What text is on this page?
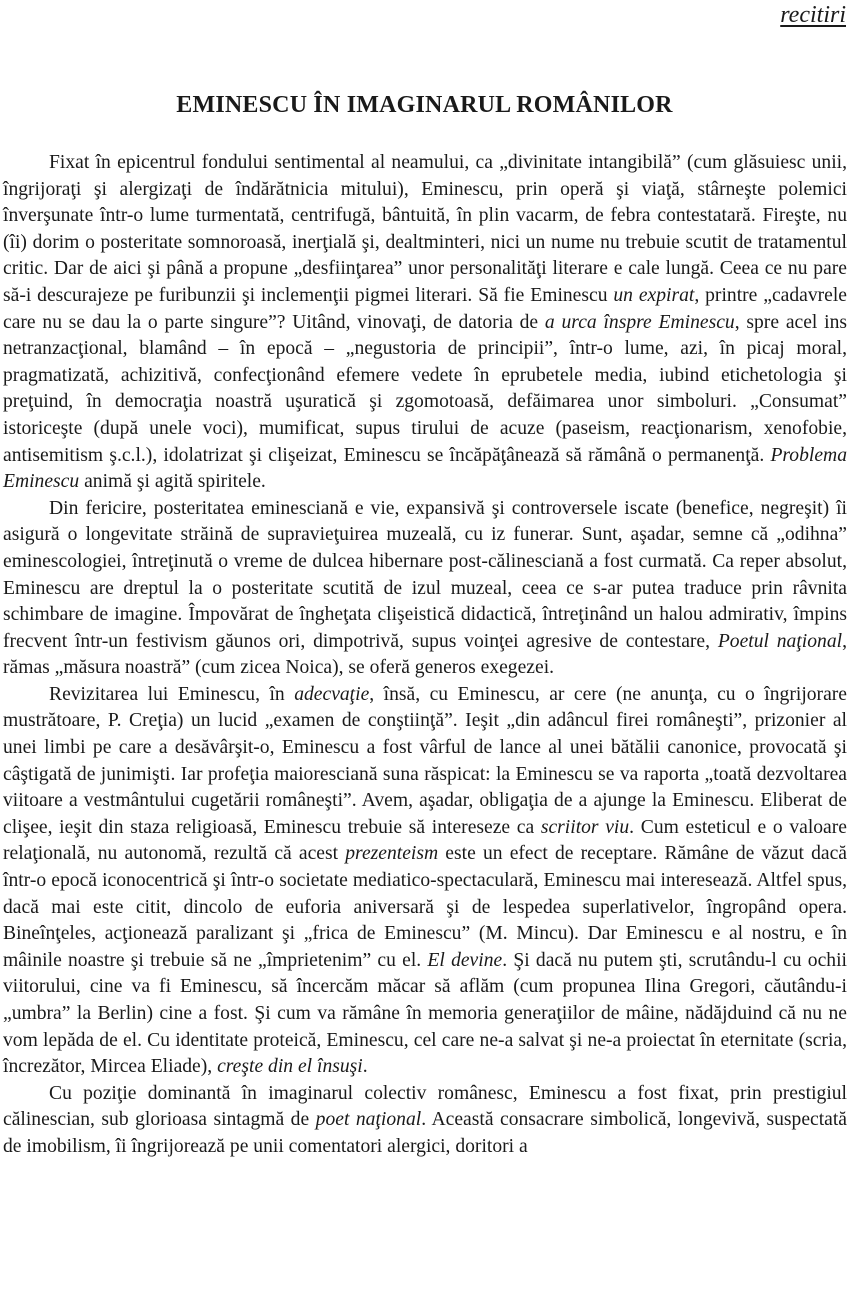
recitiri
EMINESCU ÎN IMAGINARUL ROMÂNILOR

Fixat în epicentrul fondului sentimental al neamului, ca „divinitate intangibilă” (cum glăsuiesc unii, îngrijoraţi şi alergizaţi de îndărătnicia mitului), Eminescu, prin operă şi viaţă, stârneşte polemici înverşunate într-o lume turmentată, centrifugă, bântuită, în plin vacarm, de febra contestatară. Fireşte, nu (îi) dorim o posteritate somnoroasă, inerţială şi, dealtminteri, nici un nume nu trebuie scutit de tratamentul critic. Dar de aici şi până a propune „desfiinţarea” unor personalităţi literare e cale lungă. Ceea ce nu pare să-i descurajeze pe furibunzii şi inclemenţii pigmei literari. Să fie Eminescu un expirat, printre „cadavrele care nu se dau la o parte singure”? Uitând, vinovaţi, de datoria de a urca înspre Eminescu, spre acel ins netranzacţional, blamând – în epocă – „negustoria de principii”, într-o lume, azi, în picaj moral, pragmatizată, achizitivă, confecţionând efemere vedete în eprubetele media, iubind etichetologia şi preţuind, în democraţia noastră uşuratică şi zgomotoasă, defăimarea unor simboluri. „Consumat” istoriceşte (după unele voci), mumificat, supus tirului de acuze (paseism, reacţionarism, xenofobie, antisemitism ş.c.l.), idolatrizat şi clişeizat, Eminescu se încăpăţânează să rămână o permanenţă. Problema Eminescu animă şi agită spiritele.

Din fericire, posteritatea eminesciană e vie, expansivă şi controversele iscate (benefice, negreşit) îi asigură o longevitate străină de supravieţuirea muzeală, cu iz funerar. Sunt, aşadar, semne că „odihna” eminescologiei, întreţinută o vreme de dulcea hibernare post-călinesciană a fost curmată. Ca reper absolut, Eminescu are dreptul la o posteritate scutită de izul muzeal, ceea ce s-ar putea traduce prin râvnita schimbare de imagine. Împovărat de îngheţata clişeistică didactică, întreţinând un halou admirativ, împins frecvent într-un festivism găunos ori, dimpotrivă, supus voinţei agresive de contestare, Poetul naţional, rămas „măsura noastră” (cum zicea Noica), se oferă generos exegezei.

Revizitarea lui Eminescu, în adecvaţie, însă, cu Eminescu, ar cere (ne anunţa, cu o îngrijorare mustrătoare, P. Creţia) un lucid „examen de conştiinţă”. Ieşit „din adâncul firei româneşti”, prizonier al unei limbi pe care a desăvârşit-o, Eminescu a fost vârful de lance al unei bătălii canonice, provocată şi câştigată de junimişti. Iar profeţia maioresciană suna răspicat: la Eminescu se va raporta „toată dezvoltarea viitoare a vestmântului cugetării româneşti”. Avem, aşadar, obligaţia de a ajunge la Eminescu. Eliberat de clişee, ieşit din staza religioasă, Eminescu trebuie să intereseze ca scriitor viu. Cum esteticul e o valoare relaţională, nu autonomă, rezultă că acest prezenteism este un efect de receptare. Rămâne de văzut dacă într-o epocă iconocentrică şi într-o societate mediatico-spectaculară, Eminescu mai interesează. Altfel spus, dacă mai este citit, dincolo de euforia aniversară şi de lespedea superlativelor, îngropând opera. Bineînţeles, acţionează paralizant şi „frica de Eminescu” (M. Mincu). Dar Eminescu e al nostru, e în mâinile noastre şi trebuie să ne „împrietenim” cu el. El devine. Şi dacă nu putem şti, scrutându-l cu ochii viitorului, cine va fi Eminescu, să încercăm măcar să aflăm (cum propunea Ilina Gregori, căutându-i „umbra” la Berlin) cine a fost. Şi cum va rămâne în memoria generaţiilor de mâine, nădăjduind că nu ne vom lepăda de el. Cu identitate proteică, Eminescu, cel care ne-a salvat şi ne-a proiectat în eternitate (scria, încrezător, Mircea Eliade), creşte din el însuşi.

Cu poziţie dominantă în imaginarul colectiv românesc, Eminescu a fost fixat, prin prestigiul călinescian, sub glorioasa sintagmă de poet naţional. Această consacrare simbolică, longevivă, suspectată de imobilism, îi îngrijorează pe unii comentatori alergici, doritori a
